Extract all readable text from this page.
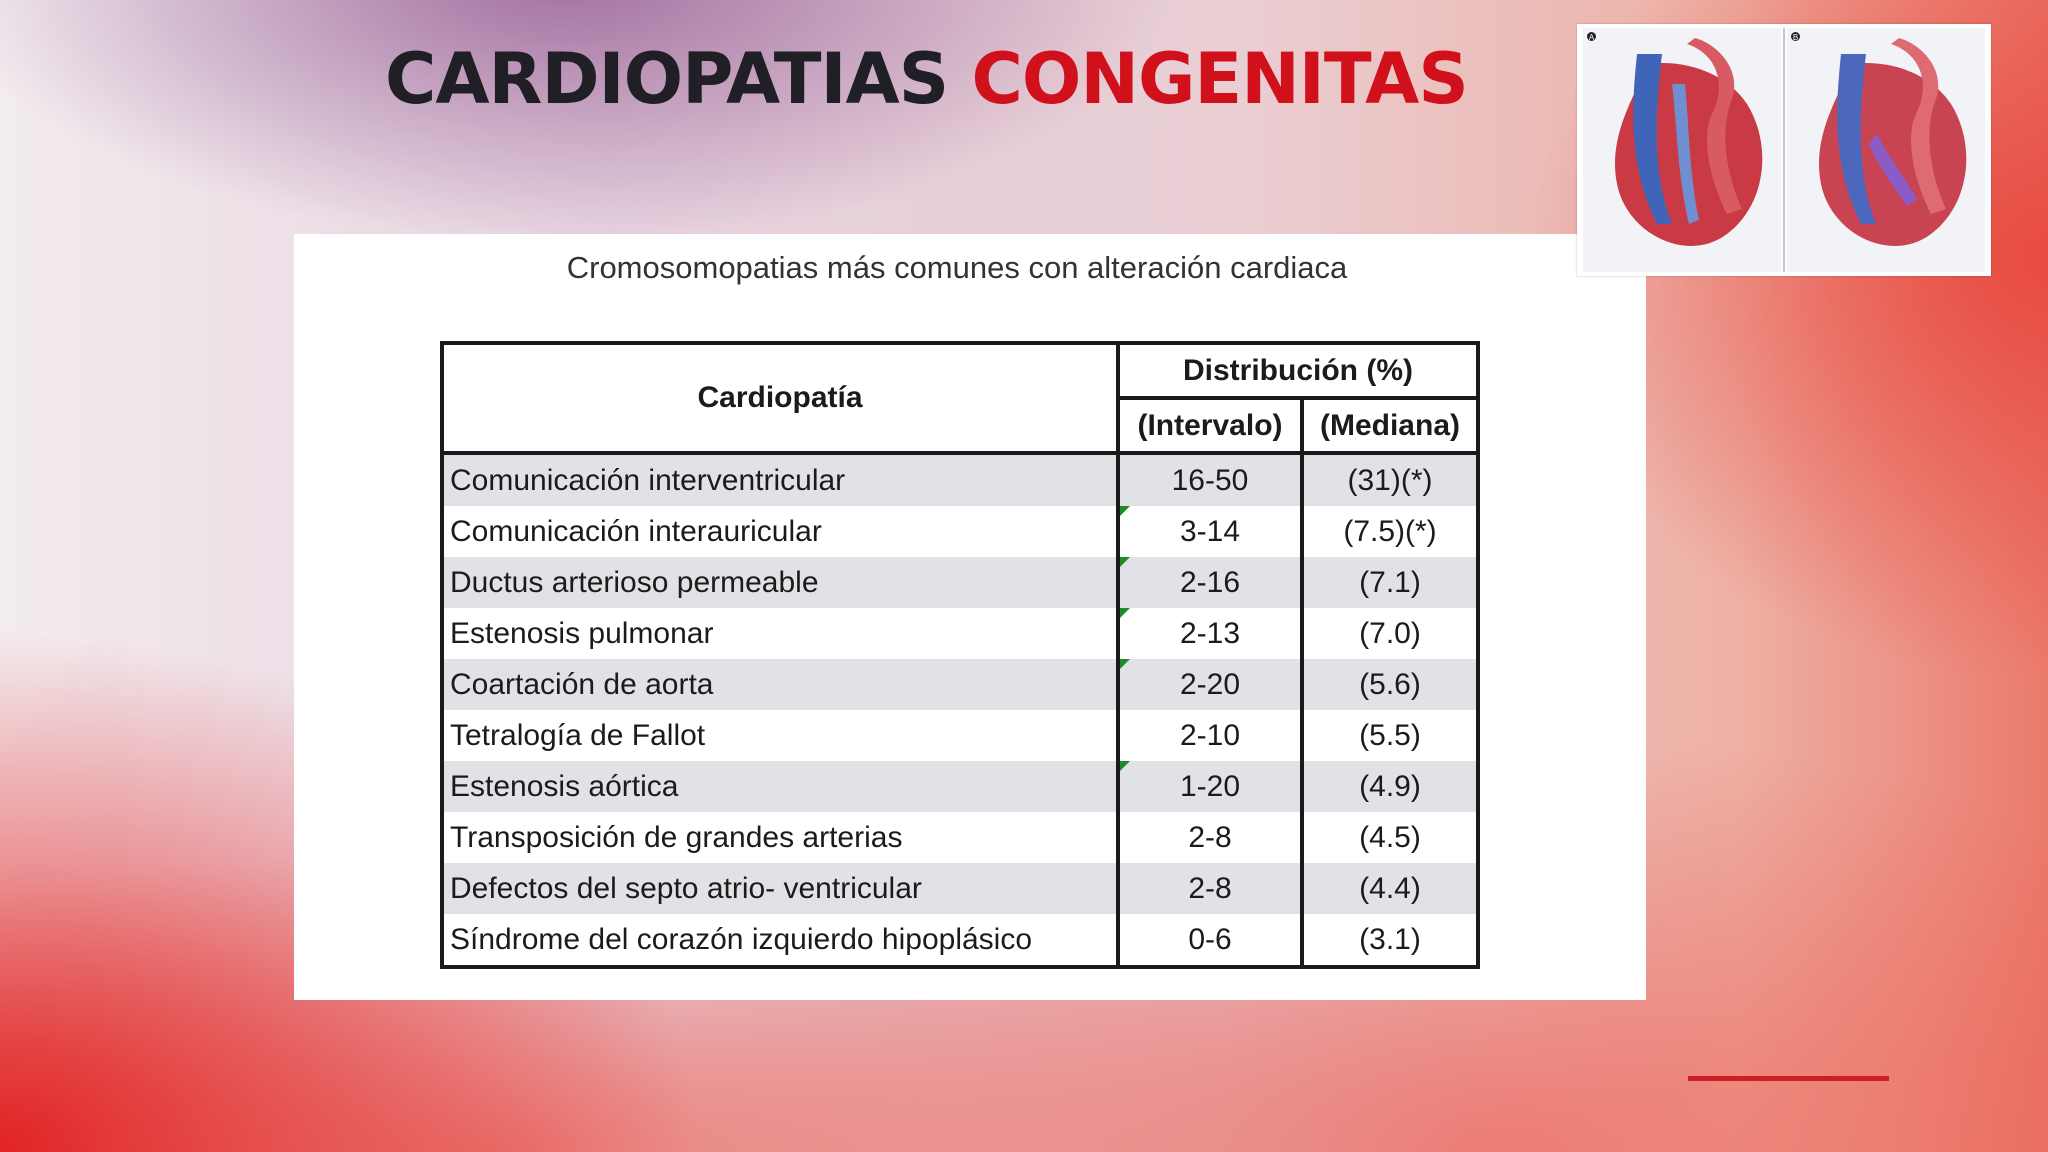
CARDIOPATIAS CONGENITAS
Cromosomopatias más comunes con alteración cardiaca
Cardiopatía	Distribución (%)	
	(Intervalo)	(Mediana)
Comunicación interventricular	16-50	(31)(*)
Comunicación interauricular	3-14	(7.5)(*)
Ductus arterioso permeable	2-16	(7.1)
Estenosis pulmonar	2-13	(7.0)
Coartación de aorta	2-20	(5.6)
Tetralogía de Fallot	2-10	(5.5)
Estenosis aórtica	1-20	(4.9)
Transposición de grandes arterias	2-8	(4.5)
Defectos del septo atrio- ventricular	2-8	(4.4)
Síndrome del corazón izquierdo hipoplásico	0-6	(3.1)
A	B
